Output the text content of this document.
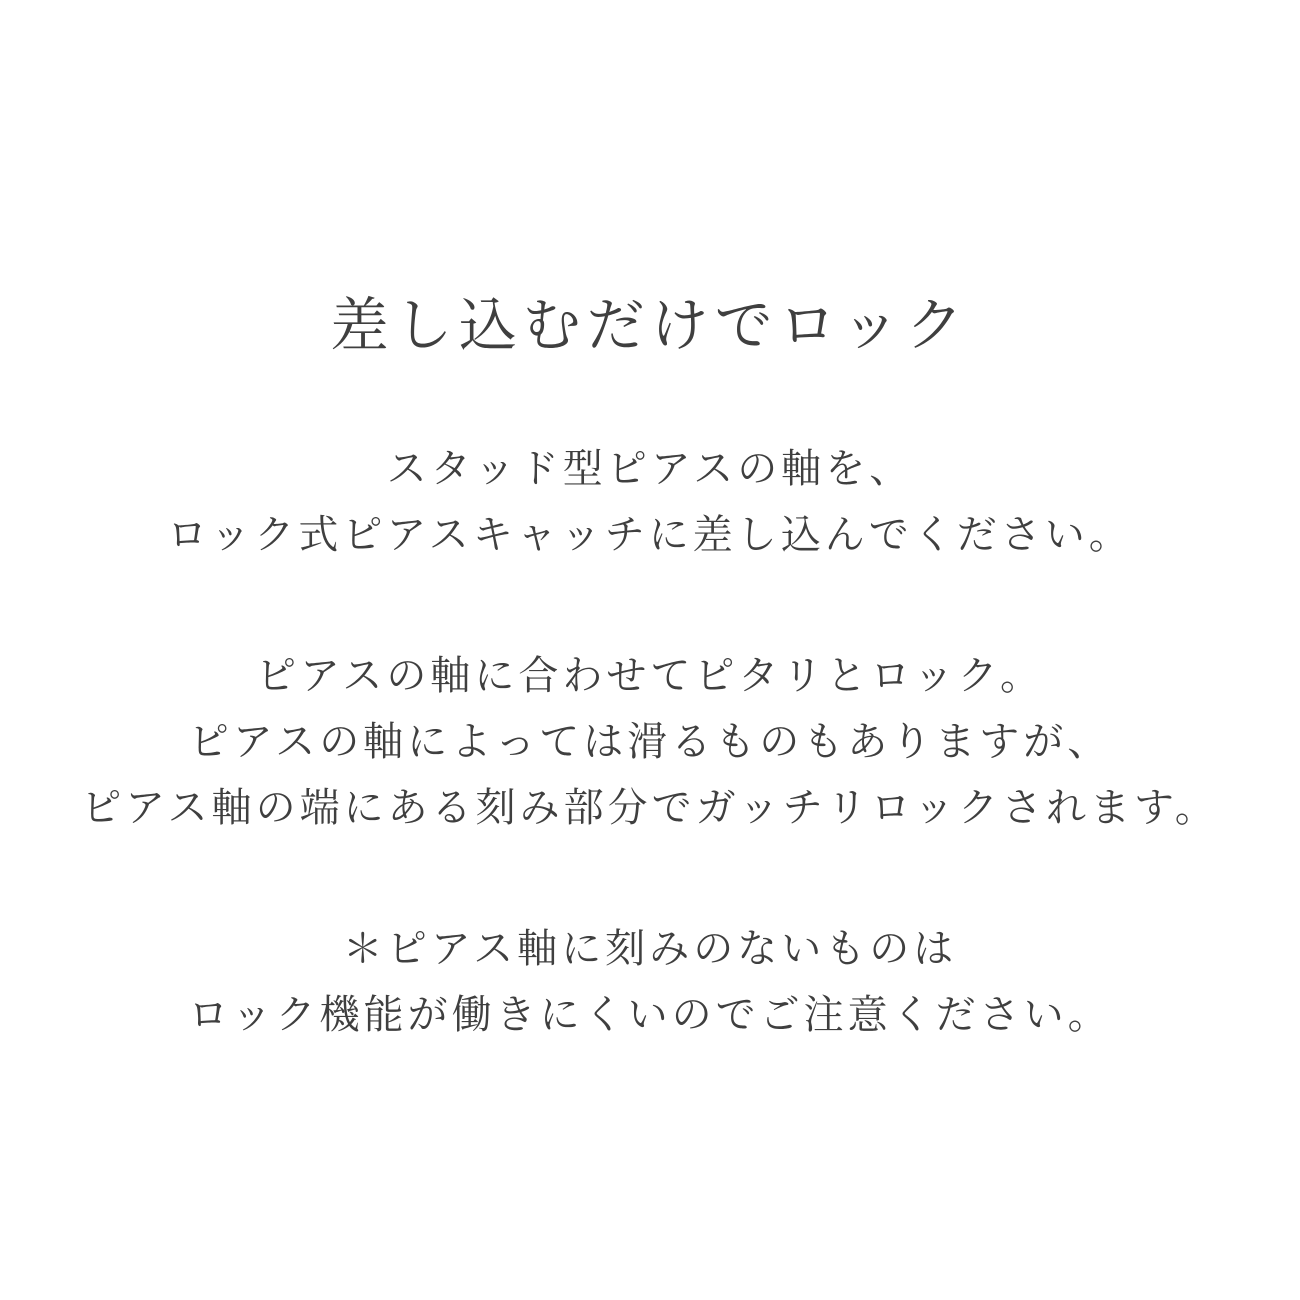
差し込むだけでロック

スタッド型ピアスの軸を、

ロック式ピアスキャッチに差し込んでください。

ピアスの軸に合わせてピタリとロック。

ピアスの軸によっては滑るものもありますが、

ピアス軸の端にある刻み部分でガッチリロックされます。

＊ピアス軸に刻みのないものは

ロック機能が働きにくいのでご注意ください。
